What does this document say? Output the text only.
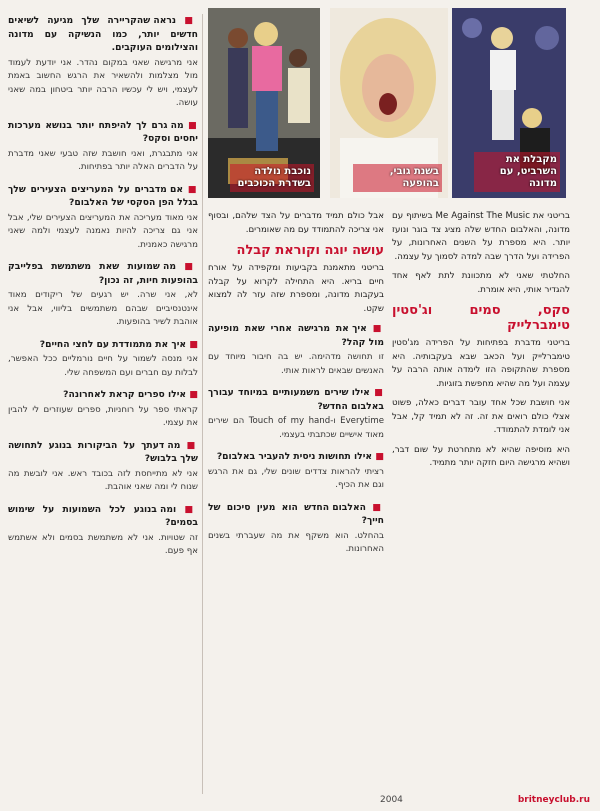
נוכבת נולדה בשדרת הכוכבים
בשנת גובי, בהופעה
מקבלת את השרביט, עם מדונה
■ נראה שהקריירה שלך מגיעה לשיאים חדשים יותר, כמו הנשיקה עם מדונה והצילומים העוקבים.
אני מרגישה שאני במקום נהדר. אני יודעת לעמוד מול מצלמות ולהשאיר את הרגש החשוב באמת לעצמי, ויש לי עכשיו הרבה יותר ביטחון במה שאני עושה.
■ מה גרם לך להיפתח יותר בנושא מערכות יחסים וסקס?
אני מתבגרת, ואני חושבת שזה טבעי שאני מדברת על הדברים האלה יותר בפתיחות.
■ אם מדברים על המעריצים הצעירים שלך בגלל הפן הסקסי של האלבום?
אני מאוד מעריכה את המעריצים הצעירים שלי, אבל אני גם צריכה להיות נאמנה לעצמי ולמה שאני מרגישה כאמנית.
■ מה שמועות שאת משתמשת בפלייבק בהופעות חיות, זה נכון?
לא, אני שרה. יש רגעים של ריקודים מאוד אינטנסיביים שבהם משתמשים בליווי, אבל אני אוהבת לשיר בהופעות.
■ איך את מתמודדת עם לחצי החיים?
אני מנסה לשמור על חיים נורמליים ככל האפשר, לבלות עם חברים ועם המשפחה שלי.
■ אילו ספרים קראת לאחרונה?
קראתי ספר על רוחניות, ספרים שעוזרים לי להבין את עצמי.
■ מה דעתך על הביקורות בנוגע לתחושה שלך בלבוש?
אני לא מתייחסת לזה בכובד ראש. אני לובשת מה שנוח לי ומה שאני אוהבת.
■ ומה בנוגע לכל השמועות על שימוש בסמים?
זה שטויות. אני לא משתמשת בסמים ולא אשתמש אף פעם.

אבל כולם תמיד מדברים על הצד שלהם, ובסוף אני צריכה להתמודד עם מה שאומרים.

עושה יוגה וקוראת קבלה

בריטני מתאמנת בקביעות ומקפידה על אורח חיים בריא. היא התחילה לקרוא על קבלה בעקבות מדונה, ומספרת שזה עזר לה למצוא שקט.

■ איך את מרגישה אחרי שאת מופיעה מול קהל?
זו תחושה מדהימה. יש בה חיבור מיוחד עם האנשים שבאים לראות אותי.
■ אילו שירים משמעותיים במיוחד עבורך באלבום החדש?
Everytime ו-Touch of my hand הם שירים מאוד אישיים שכתבתי בעצמי.
■ אילו תחושות ניסית להעביר באלבום?
רציתי להראות צדדים שונים שלי, גם את הרגש וגם את הכיף.
■ האלבום החדש הוא מעין סיכום של חייך?
בהחלט. הוא משקף את מה שעברתי בשנים האחרונות.

בריטני את Me Against The Music בשיתוף עם מדונה, והאלבום החדש שלה מציג צד בוגר ונועז יותר. היא מספרת על השנים האחרונות, על הפרידה ועל הדרך שבה למדה לסמוך על עצמה.

החלטתי שאני לא מתכוונת לתת לאף אחד להגדיר אותי, היא אומרת.

סקס, סמים וג'סטין טימברלייק

בריטני מדברת בפתיחות על הפרידה מג'סטין טימברלייק ועל הכאב שבא בעקבותיה. היא מספרת שהתקופה הזו לימדה אותה הרבה על עצמה ועל מה שהיא מחפשת בזוגיות.

אני חושבת שכל אחד עובר דברים כאלה, פשוט אצלי כולם רואים את זה. זה לא תמיד קל, אבל אני לומדת להתמודד.

היא מוסיפה שהיא לא מתחרטת על שום דבר, ושהיא מרגישה היום חזקה יותר מתמיד.

2004	britneyclub.ru
